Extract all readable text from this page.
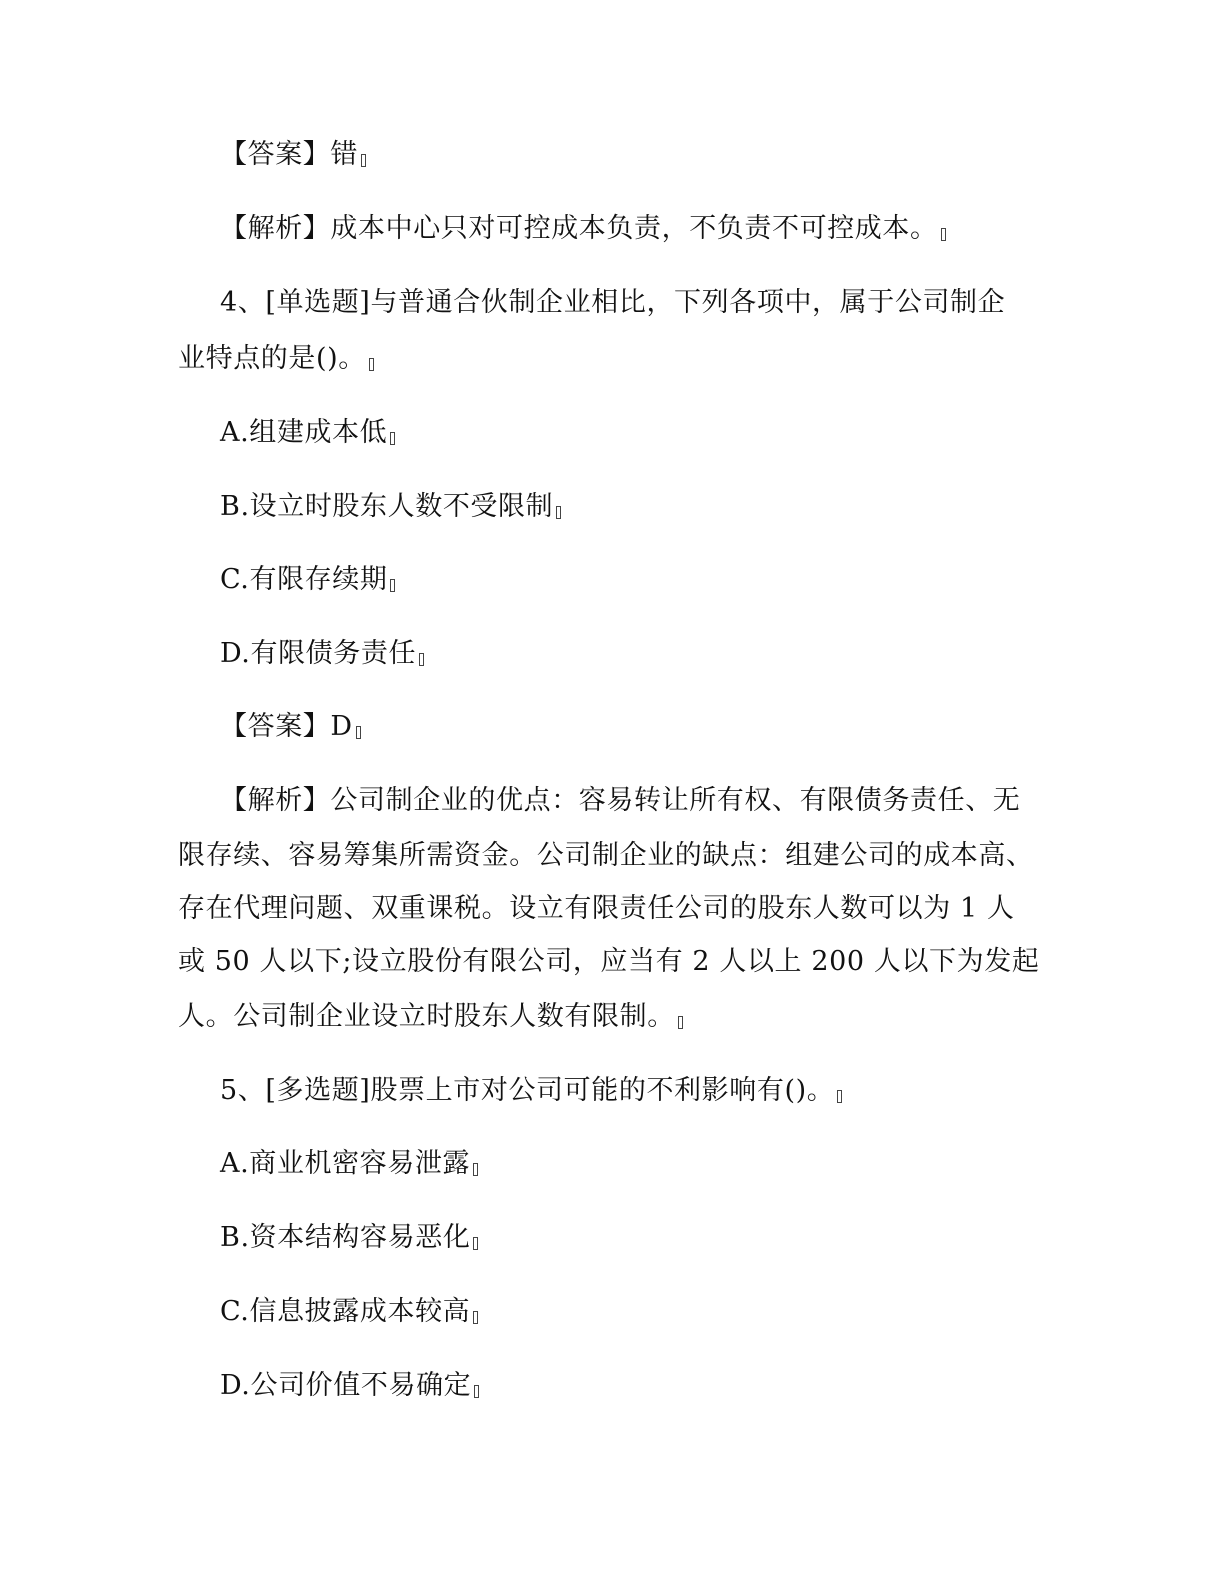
【答案】错
【解析】成本中心只对可控成本负责，不负责不可控成本。
4、[单选题]与普通合伙制企业相比，下列各项中，属于公司制企
业特点的是()。
A.组建成本低
B.设立时股东人数不受限制
C.有限存续期
D.有限债务责任
【答案】D
【解析】公司制企业的优点：容易转让所有权、有限债务责任、无
限存续、容易筹集所需资金。公司制企业的缺点：组建公司的成本高、
存在代理问题、双重课税。设立有限责任公司的股东人数可以为 1 人
或 50 人以下;设立股份有限公司，应当有 2 人以上 200 人以下为发起
人。公司制企业设立时股东人数有限制。
5、[多选题]股票上市对公司可能的不利影响有()。
A.商业机密容易泄露
B.资本结构容易恶化
C.信息披露成本较高
D.公司价值不易确定
